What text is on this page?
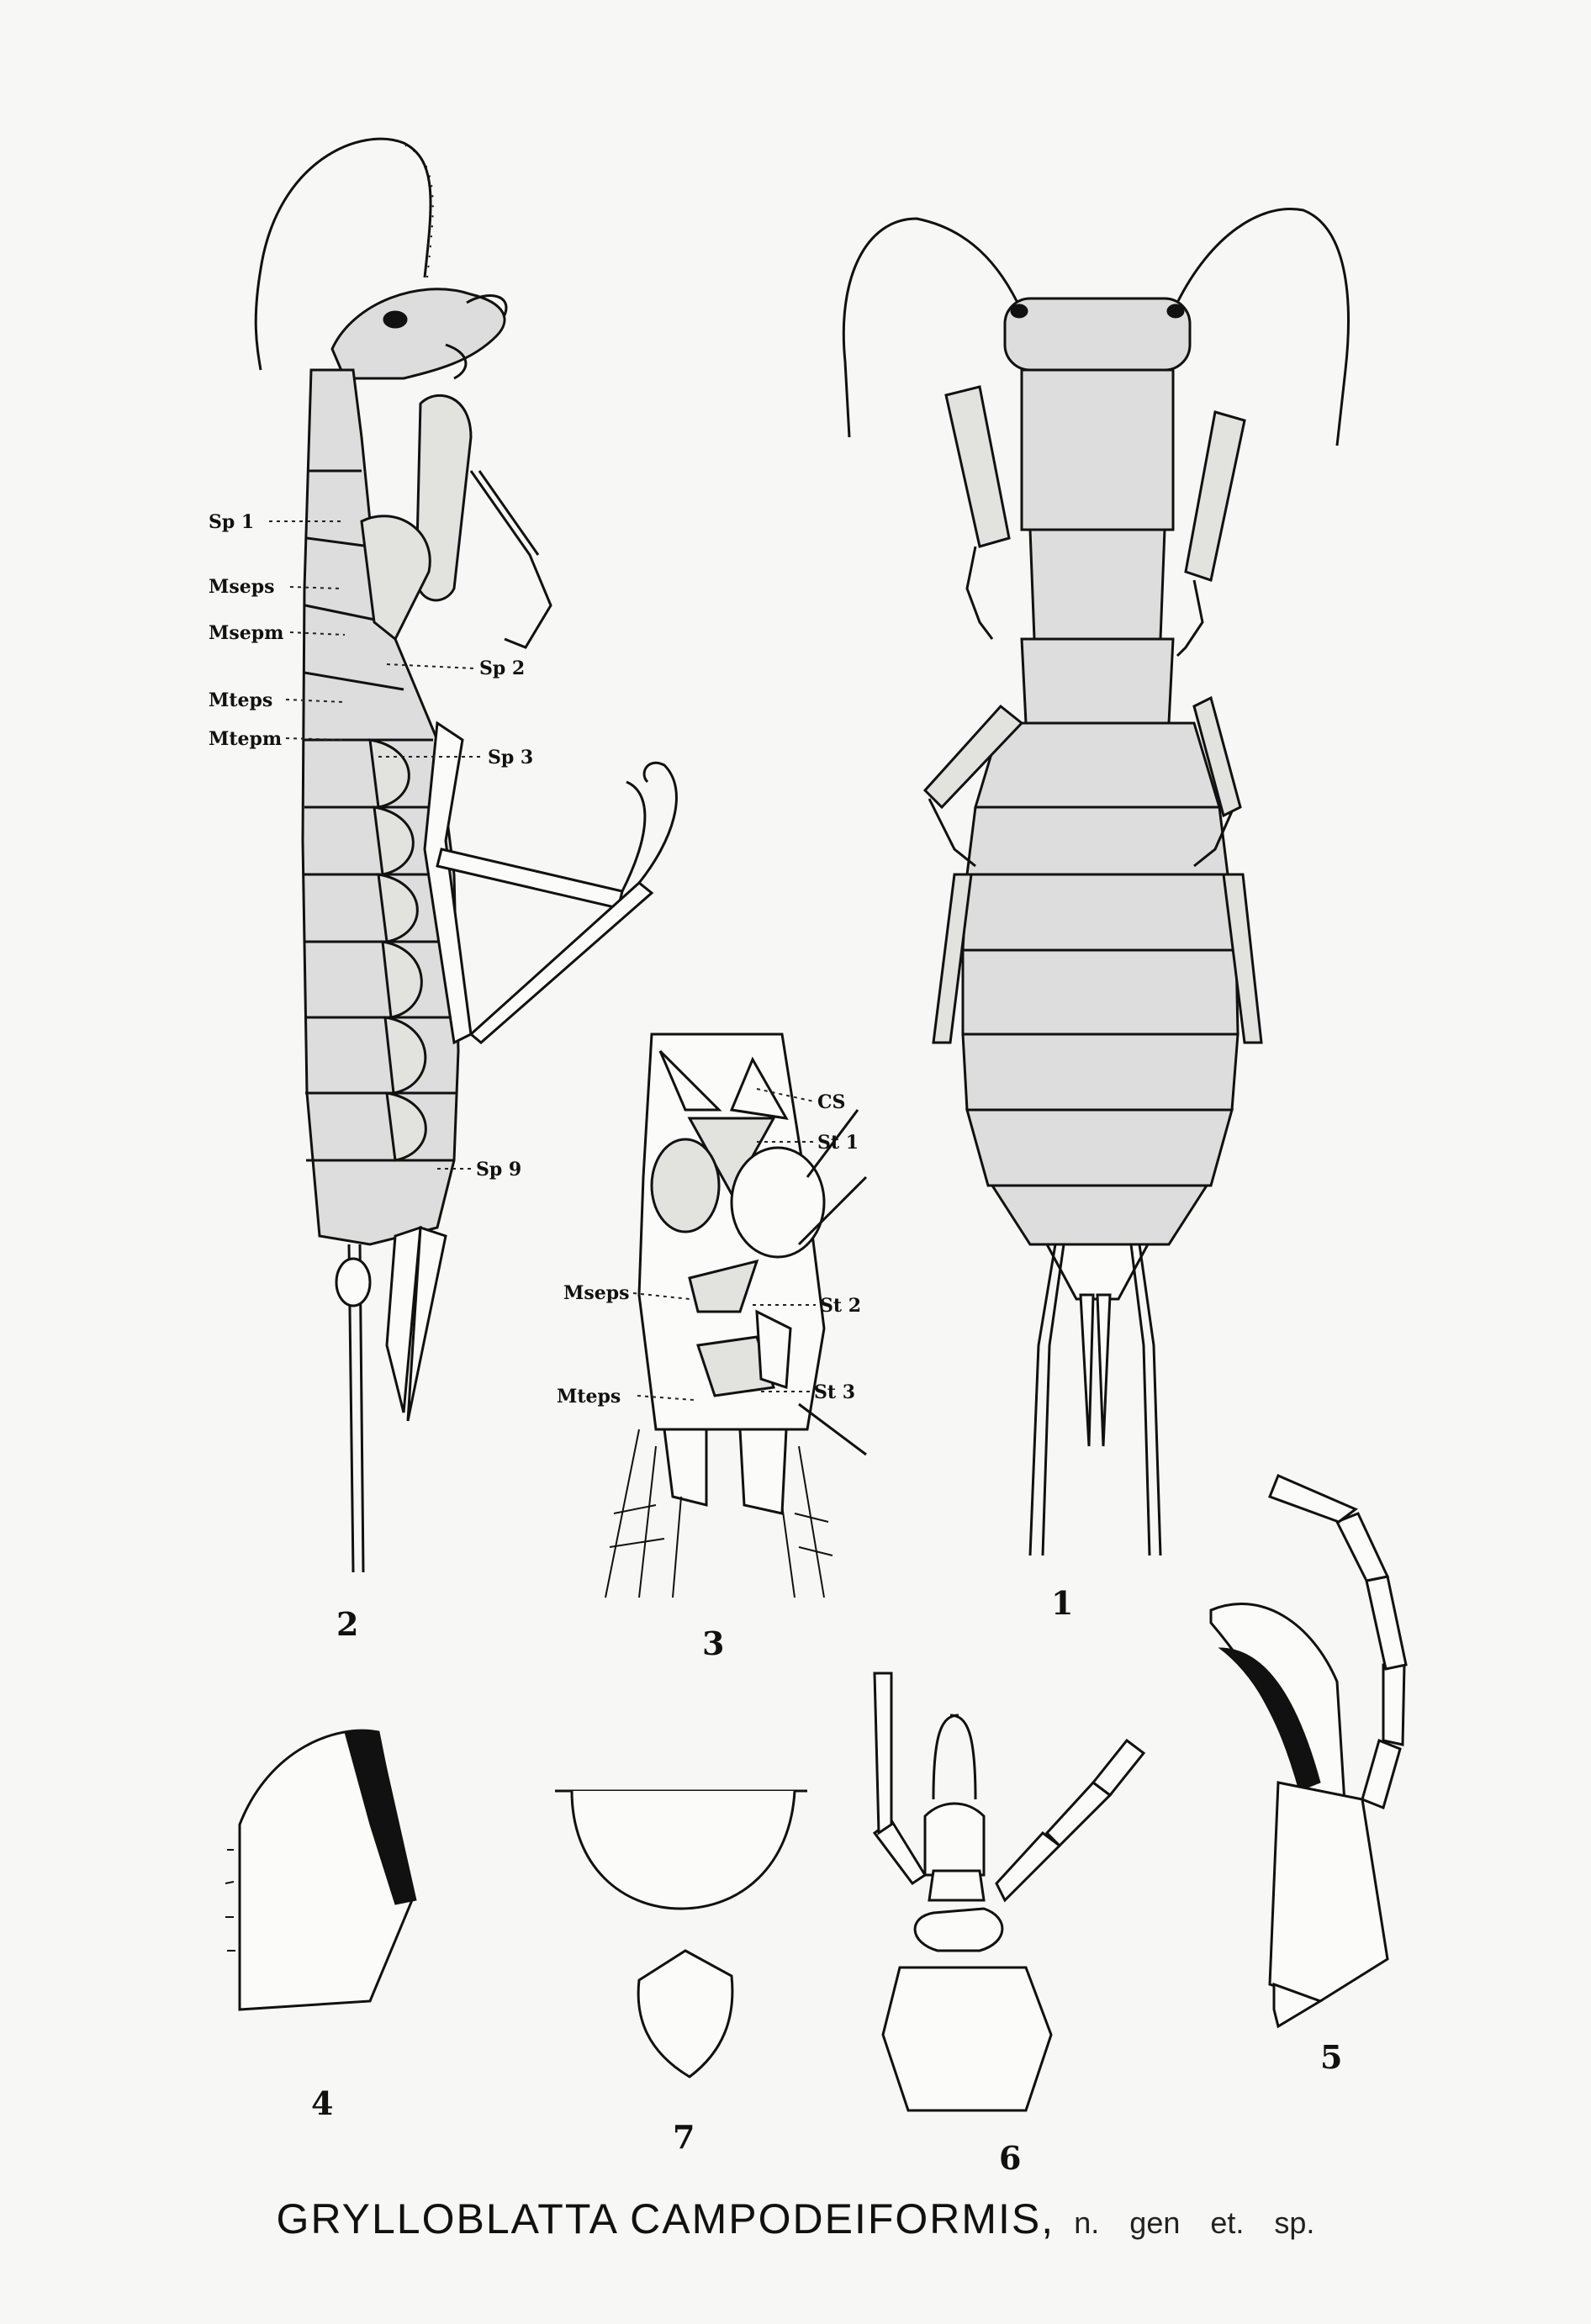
Sp 1
Mseps
Msepm
Sp 2
Mteps
Mtepm
Sp 3
Sp 9
2
1
CS
St 1
Mseps
St 2
Mteps	St 3
3
4
7
6
5
GRYLLOBLATTA CAMPODEIFORMIS, n. gen et. sp.
